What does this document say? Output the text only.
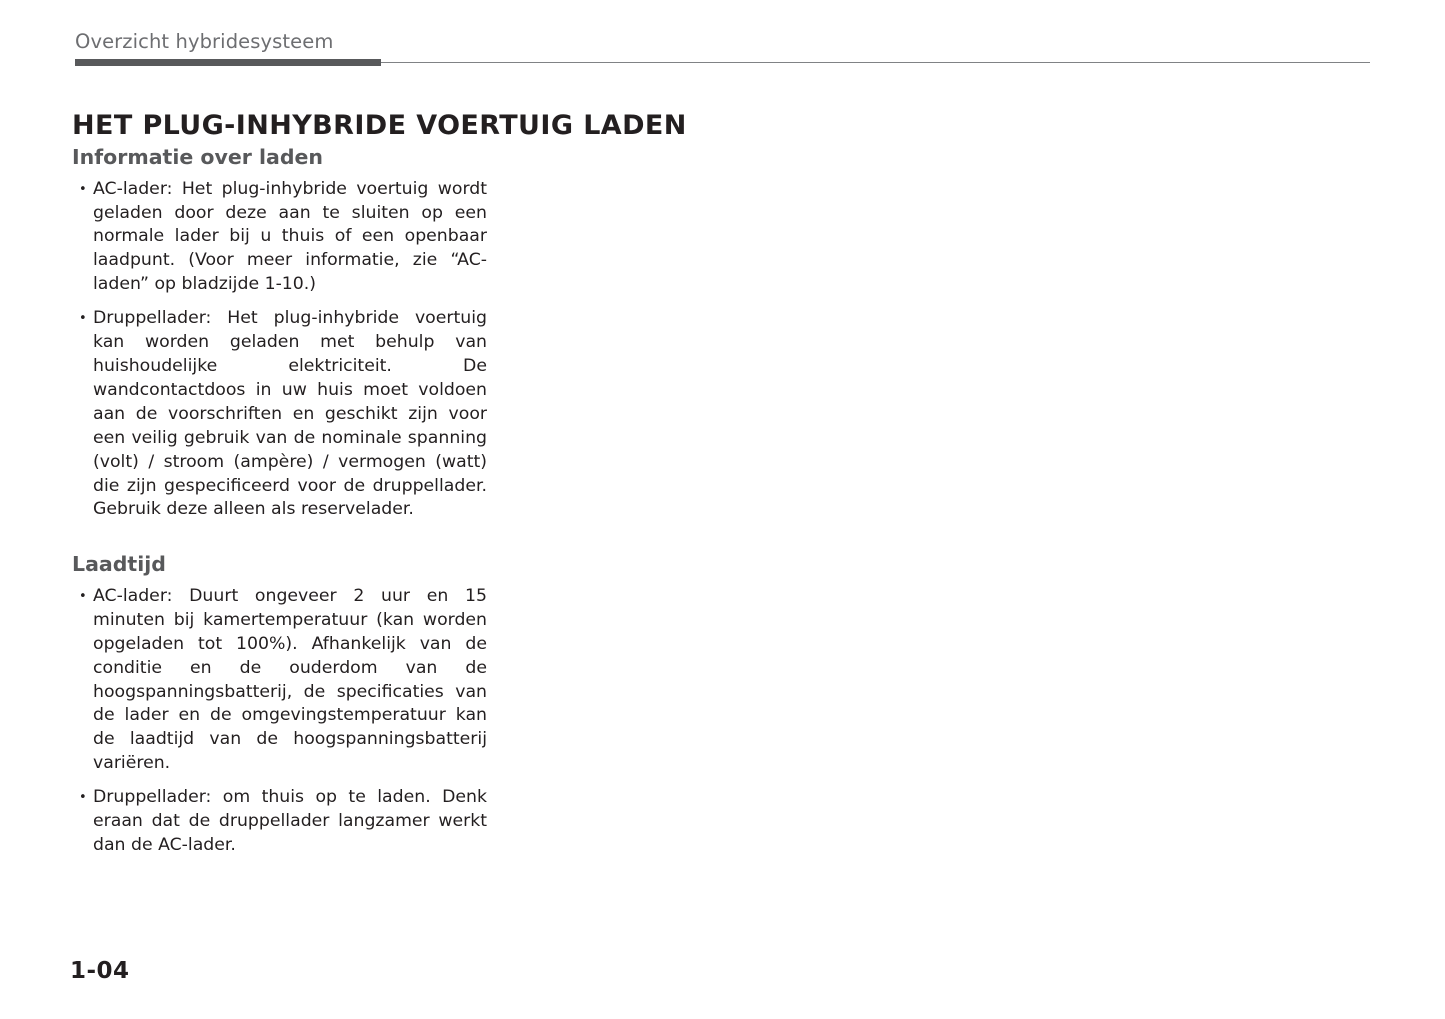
Overzicht hybridesysteem
HET PLUG-INHYBRIDE VOERTUIG LADEN
Informatie over laden
• AC-lader: Het plug-inhybride voertuig wordt geladen door deze aan te sluiten op een normale lader bij u thuis of een openbaar laadpunt. (Voor meer informatie, zie “AC-laden” op bladzijde 1-10.)
• Druppellader: Het plug-inhybride voertuig kan worden geladen met behulp van huishoudelijke elektriciteit. De wandcontactdoos in uw huis moet voldoen aan de voorschriften en geschikt zijn voor een veilig gebruik van de nominale spanning (volt) / stroom (ampère) / vermogen (watt) die zijn gespecificeerd voor de druppellader. Gebruik deze alleen als reservelader.
Laadtijd
• AC-lader: Duurt ongeveer 2 uur en 15 minuten bij kamertemperatuur (kan worden opgeladen tot 100%). Afhankelijk van de conditie en de ouderdom van de hoogspanningsbatterij, de specificaties van de lader en de omgevingstemperatuur kan de laadtijd van de hoogspanningsbatterij variëren.
• Druppellader: om thuis op te laden. Denk eraan dat de druppellader langzamer werkt dan de AC-lader.
1-04
